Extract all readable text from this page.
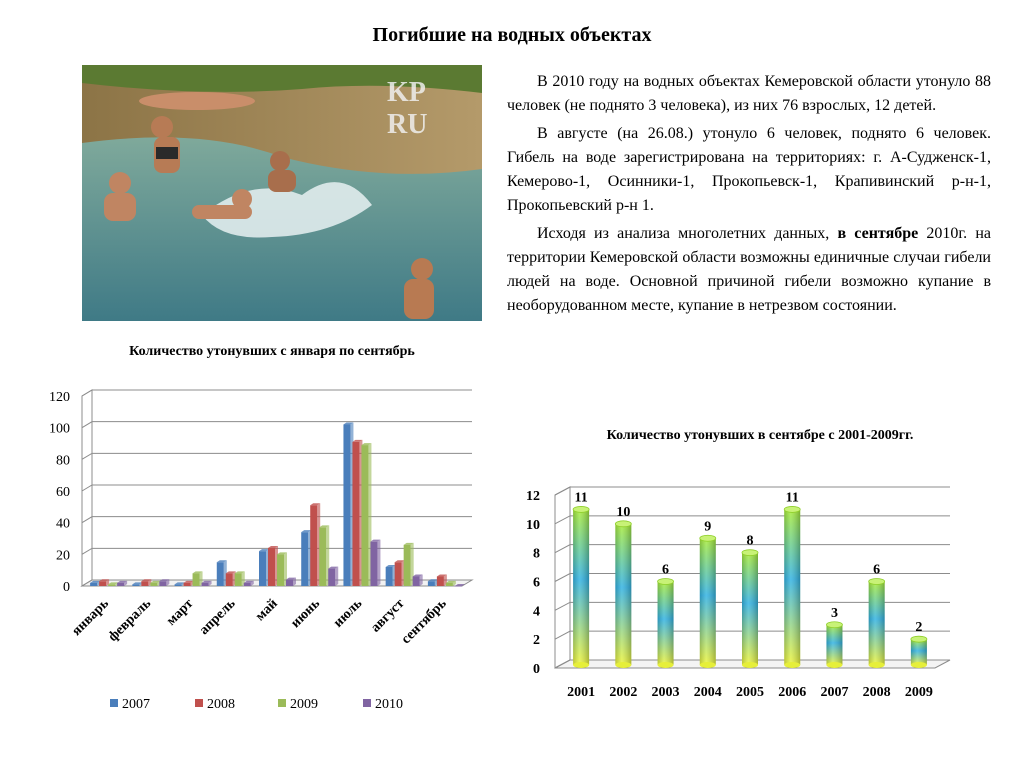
Погибшие на водных объектах
KP
RU

В 2010 году на водных объектах Кемеровской области утонуло 88 человек (не поднято 3 человека), из них 76 взрослых, 12 детей.

В августе (на 26.08.) утонуло 6 человек, поднято 6 человек. Гибель на воде зарегистрирована на территориях: г. А-Судженск-1, Кемерово-1, Осинники-1, Прокопьевск-1, Крапивинский р-н-1, Прокопьевский р-н 1.

Исходя из анализа многолетних данных, в сентябре 2010г. на территории Кемеровской области возможны единичные случаи гибели людей на воде. Основной причиной гибели возможно купание в необорудованном месте, купание в нетрезвом состоянии.

Количество утонувших с января по сентябрь
Количество утонувших в сентябре с 2001-2009гг.
0
20
40
60
80
100
120
январь
февраль март апрель май июнь июль август
сентябрь
2007	2008	2009	2010
0
2
4
6
8
10
12 11
2001
10
2002
6
2003
9
2004
8
2005
11
2006
3
2007
6
2008
2
2009
